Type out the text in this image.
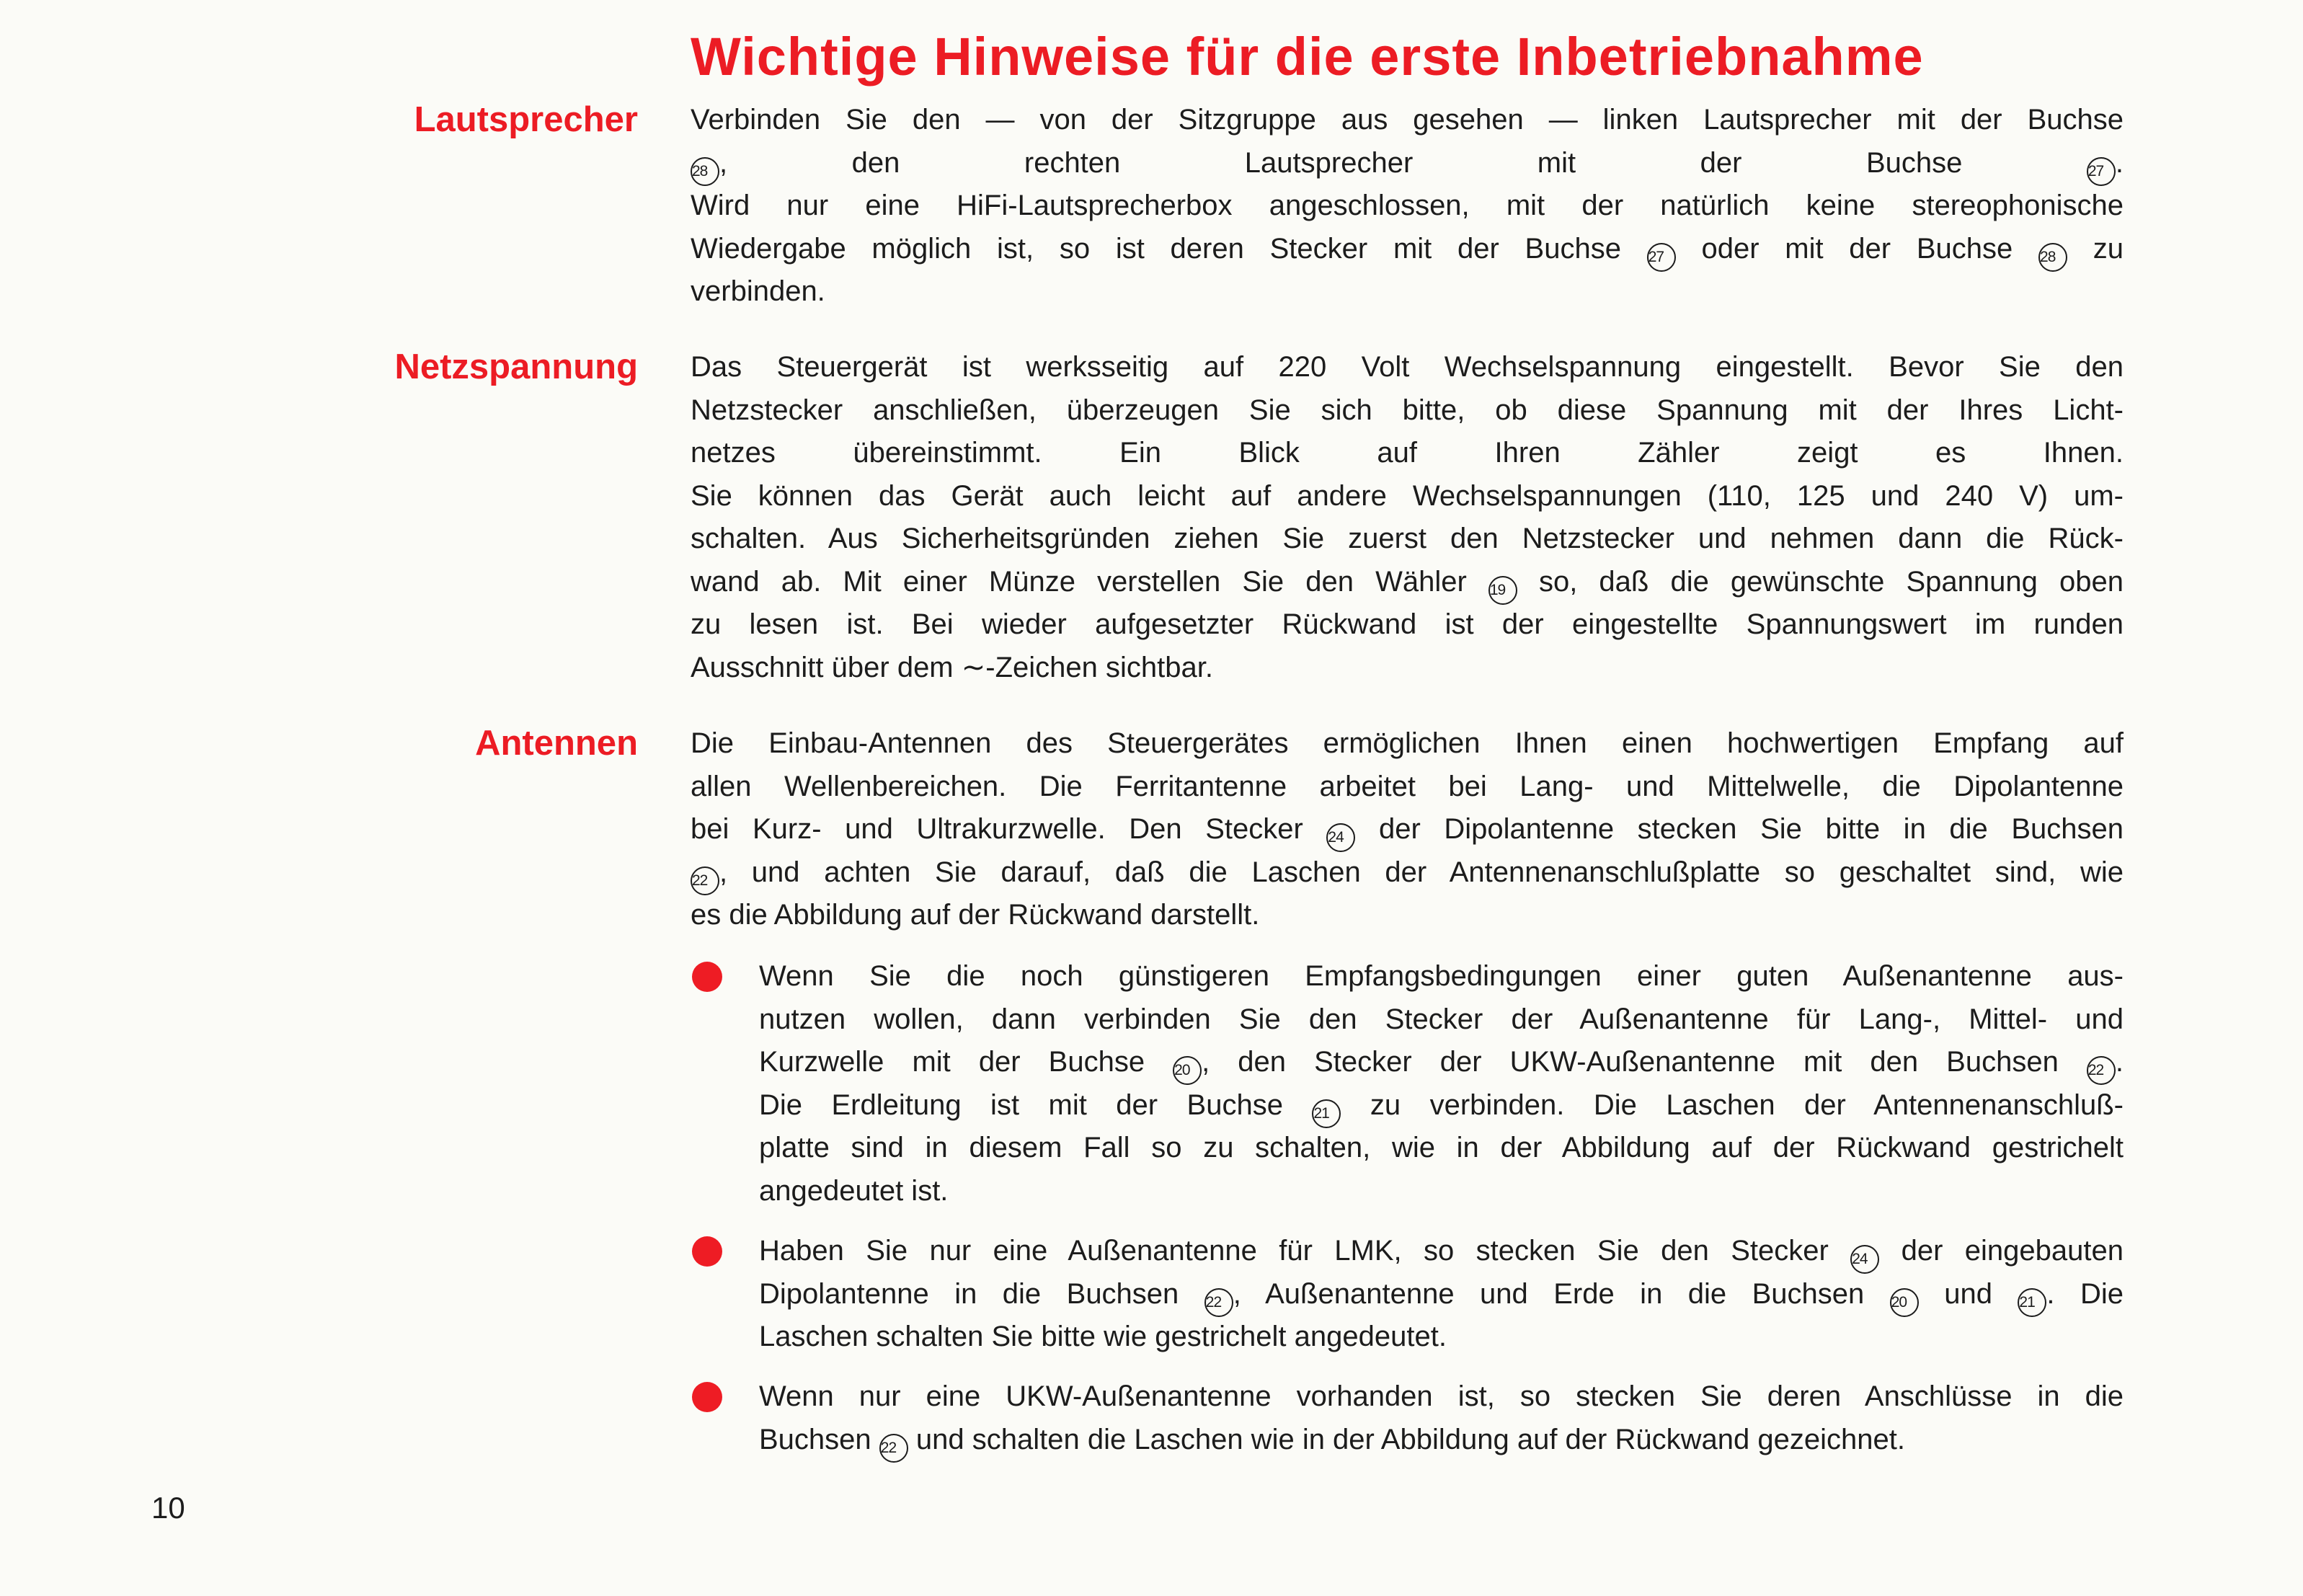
Wichtige Hinweise für die erste Inbetriebnahme
Lautsprecher Verbinden Sie den — von der Sitzgruppe aus gesehen — linken Lautsprecher mit der Buchse
28 , den rechten Lautsprecher mit der Buchse 27 .
Wird nur eine HiFi-Lautsprecherbox angeschlossen, mit der natürlich keine stereophonische
Wiedergabe möglich ist, so ist deren Stecker mit der Buchse 27 oder mit der Buchse 28 zu
verbinden.
Netzspannung Das Steuergerät ist werksseitig auf 220 Volt Wechselspannung eingestellt. Bevor Sie den
Netzstecker anschließen, überzeugen Sie sich bitte, ob diese Spannung mit der Ihres Licht-
netzes übereinstimmt. Ein Blick auf Ihren Zähler zeigt es Ihnen.
Sie können das Gerät auch leicht auf andere Wechselspannungen (110, 125 und 240 V) um-
schalten. Aus Sicherheitsgründen ziehen Sie zuerst den Netzstecker und nehmen dann die Rück-
wand ab. Mit einer Münze verstellen Sie den Wähler 19 so, daß die gewünschte Spannung oben
zu lesen ist. Bei wieder aufgesetzter Rückwand ist der eingestellte Spannungswert im runden
Ausschnitt über dem ∼-Zeichen sichtbar.
Antennen Die Einbau-Antennen des Steuergerätes ermöglichen Ihnen einen hochwertigen Empfang auf
allen Wellenbereichen. Die Ferritantenne arbeitet bei Lang- und Mittelwelle, die Dipolantenne
bei Kurz- und Ultrakurzwelle. Den Stecker 24 der Dipolantenne stecken Sie bitte in die Buchsen
22 , und achten Sie darauf, daß die Laschen der Antennenanschlußplatte so geschaltet sind, wie
es die Abbildung auf der Rückwand darstellt.
Wenn Sie die noch günstigeren Empfangsbedingungen einer guten Außenantenne aus-
nutzen wollen, dann verbinden Sie den Stecker der Außenantenne für Lang-, Mittel- und
Kurzwelle mit der Buchse 20 , den Stecker der UKW-Außenantenne mit den Buchsen 22 .
Die Erdleitung ist mit der Buchse 21 zu verbinden. Die Laschen der Antennenanschluß-
platte sind in diesem Fall so zu schalten, wie in der Abbildung auf der Rückwand gestrichelt
angedeutet ist.
Haben Sie nur eine Außenantenne für LMK, so stecken Sie den Stecker 24 der eingebauten
Dipolantenne in die Buchsen 22 , Außenantenne und Erde in die Buchsen 20 und 21 . Die
Laschen schalten Sie bitte wie gestrichelt angedeutet.
Wenn nur eine UKW-Außenantenne vorhanden ist, so stecken Sie deren Anschlüsse in die
Buchsen 22 und schalten die Laschen wie in der Abbildung auf der Rückwand gezeichnet.
10
